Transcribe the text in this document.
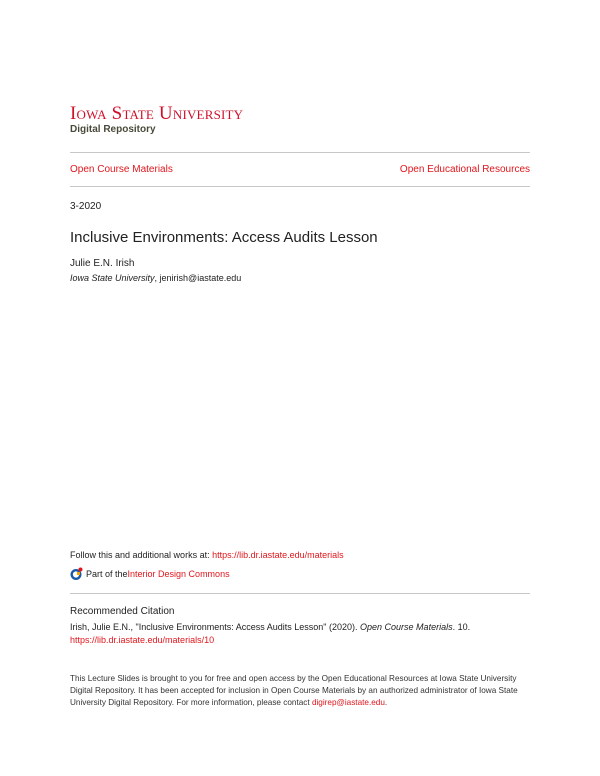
Iowa State University
Digital Repository
Open Course Materials	Open Educational Resources
3-2020
Inclusive Environments: Access Audits Lesson
Julie E.N. Irish
Iowa State University, jenirish@iastate.edu
Follow this and additional works at: https://lib.dr.iastate.edu/materials
Part of the Interior Design Commons
Recommended Citation
Irish, Julie E.N., "Inclusive Environments: Access Audits Lesson" (2020). Open Course Materials. 10.
https://lib.dr.iastate.edu/materials/10
This Lecture Slides is brought to you for free and open access by the Open Educational Resources at Iowa State University Digital Repository. It has been accepted for inclusion in Open Course Materials by an authorized administrator of Iowa State University Digital Repository. For more information, please contact digirep@iastate.edu.
